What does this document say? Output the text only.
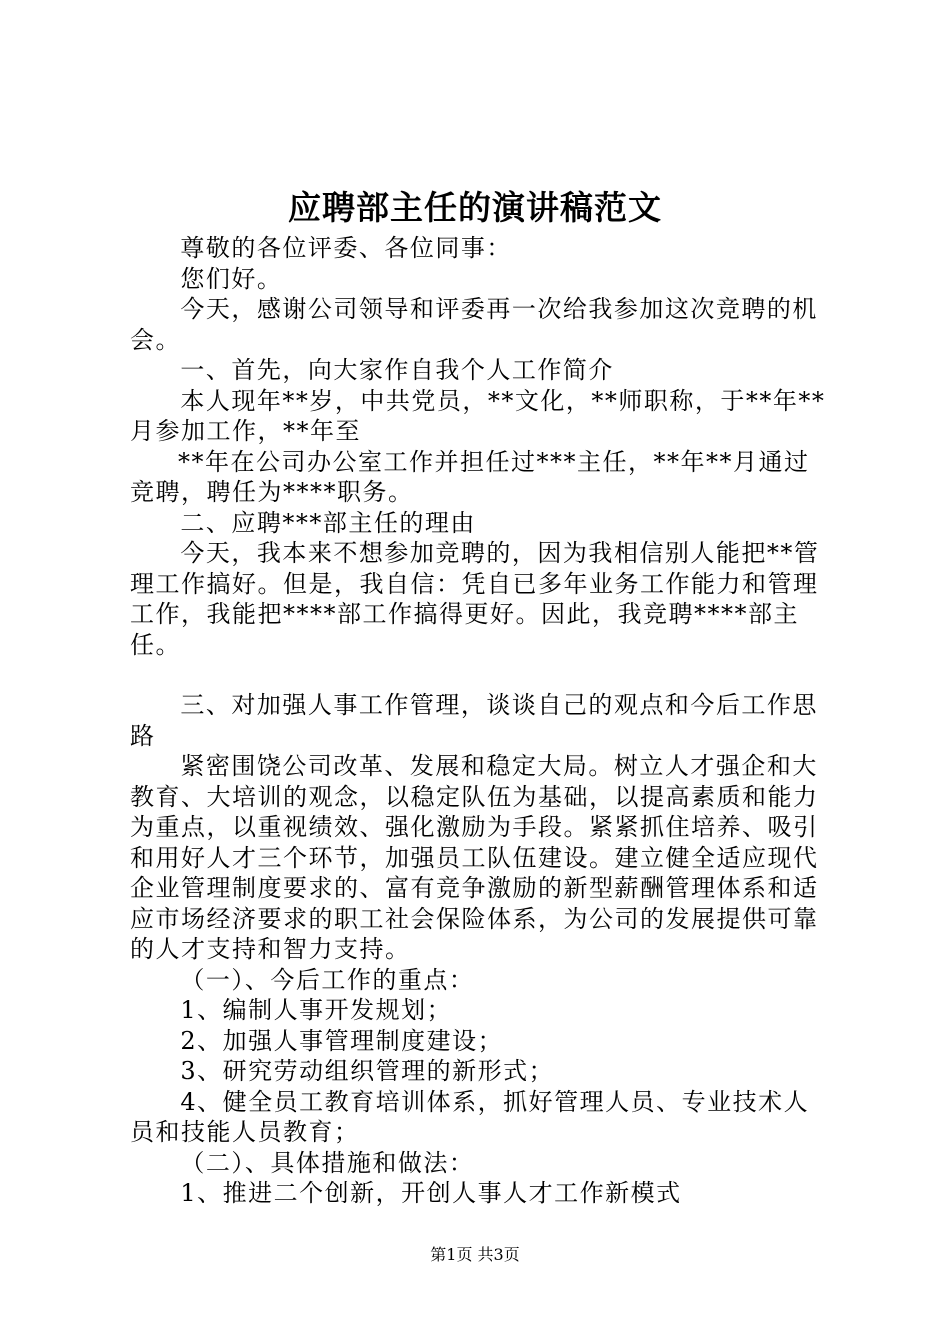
应聘部主任的演讲稿范文

尊敬的各位评委、各位同事：

您们好。

今天，感谢公司领导和评委再一次给我参加这次竞聘的机会。

一、首先，向大家作自我个人工作简介

本人现年**岁，中共党员，**文化，**师职称，于**年**月参加工作，**年至

**年在公司办公室工作并担任过***主任，**年**月通过竞聘，聘任为****职务。

二、应聘***部主任的理由

今天，我本来不想参加竞聘的，因为我相信别人能把**管理工作搞好。但是，我自信：凭自已多年业务工作能力和管理工作，我能把****部工作搞得更好。因此，我竞聘****部主任。

三、对加强人事工作管理，谈谈自己的观点和今后工作思路

紧密围饶公司改革、发展和稳定大局。树立人才强企和大教育、大培训的观念，以稳定队伍为基础，以提高素质和能力为重点，以重视绩效、强化激励为手段。紧紧抓住培养、吸引和用好人才三个环节，加强员工队伍建设。建立健全适应现代企业管理制度要求的、富有竞争激励的新型薪酬管理体系和适应市场经济要求的职工社会保险体系，为公司的发展提供可靠的人才支持和智力支持。

（一）、今后工作的重点：

1、编制人事开发规划；

2、加强人事管理制度建设；

3、研究劳动组织管理的新形式；

4、健全员工教育培训体系，抓好管理人员、专业技术人员和技能人员教育；

（二）、具体措施和做法：

1、推进二个创新，开创人事人才工作新模式

第1页 共3页
